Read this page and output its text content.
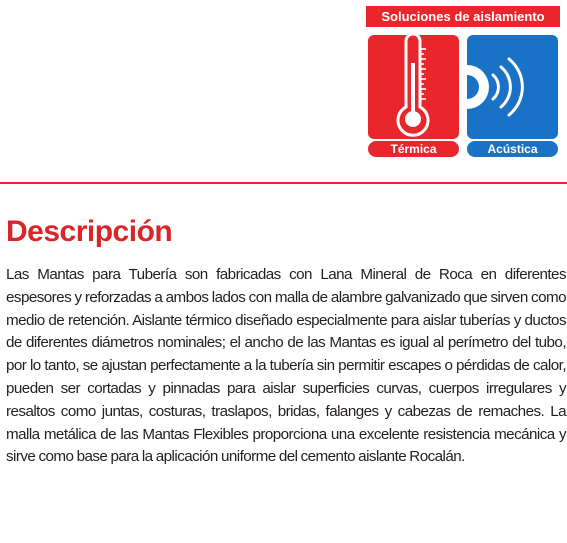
Soluciones de aislamiento
Térmica	Acústica
Descripción

Las Mantas para Tubería son fabricadas con Lana Mineral de Roca en diferentes espesores y reforzadas a ambos lados con malla de alambre galvanizado que sirven como medio de retención. Aislante térmico diseñado especialmente para aislar tuberías y ductos de diferentes diámetros nominales; el ancho de las Mantas es igual al perímetro del tubo, por lo tanto, se ajustan perfectamente a la tubería sin permitir escapes o pérdidas de calor, pueden ser cortadas y pinnadas para aislar superficies curvas, cuerpos irregulares y resaltos como juntas, costuras, traslapos, bridas, falanges y cabezas de remaches. La malla metálica de las Mantas Flexibles proporciona una excelente resistencia mecánica y sirve como base para la aplicación uniforme del cemento aislante Rocalán.
